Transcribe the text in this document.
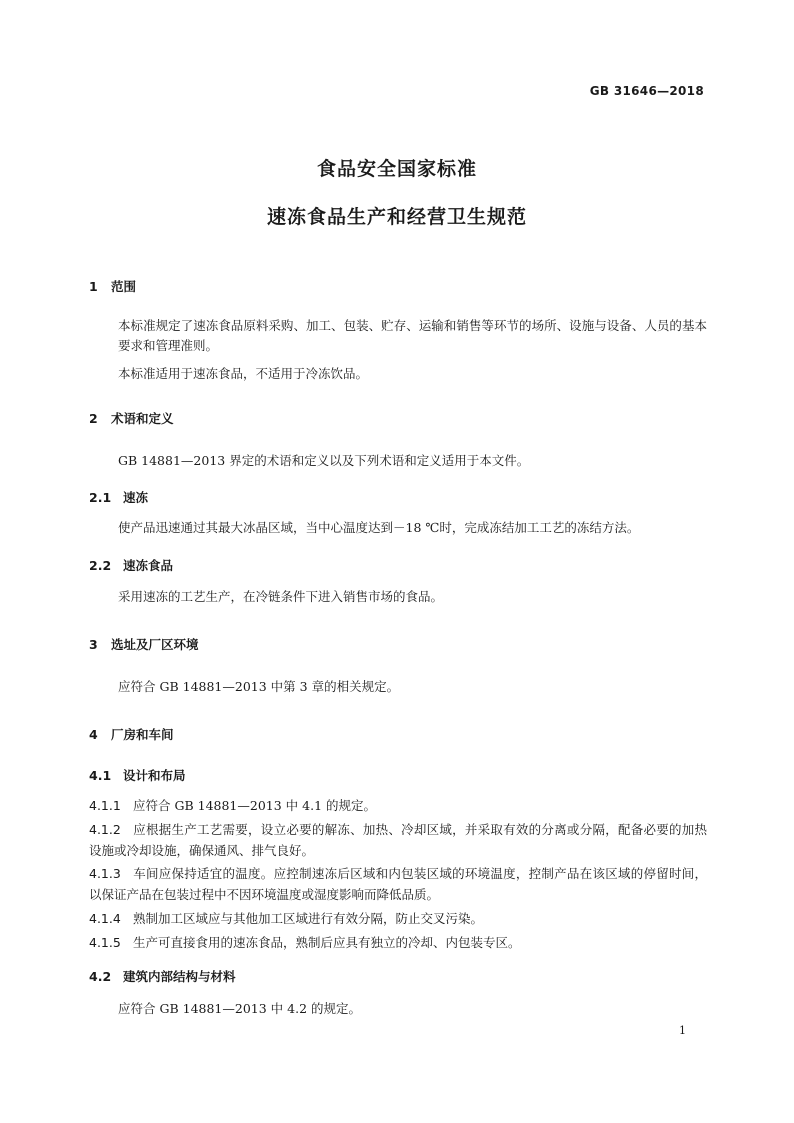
GB 31646—2018
食品安全国家标准
速冻食品生产和经营卫生规范
1 范围
本标准规定了速冻食品原料采购、加工、包装、贮存、运输和销售等环节的场所、设施与设备、人员的基本要求和管理准则。
本标准适用于速冻食品，不适用于冷冻饮品。
2 术语和定义
GB 14881—2013 界定的术语和定义以及下列术语和定义适用于本文件。
2.1 速冻
使产品迅速通过其最大冰晶区域，当中心温度达到－18 ℃时，完成冻结加工工艺的冻结方法。
2.2 速冻食品
采用速冻的工艺生产，在冷链条件下进入销售市场的食品。
3 选址及厂区环境
应符合 GB 14881—2013 中第 3 章的相关规定。
4 厂房和车间
4.1 设计和布局
4.1.1 应符合 GB 14881—2013 中 4.1 的规定。
4.1.2 应根据生产工艺需要，设立必要的解冻、加热、冷却区域，并采取有效的分离或分隔，配备必要的加热设施或冷却设施，确保通风、排气良好。
4.1.3 车间应保持适宜的温度。应控制速冻后区域和内包装区域的环境温度，控制产品在该区域的停留时间，以保证产品在包装过程中不因环境温度或湿度影响而降低品质。
4.1.4 熟制加工区域应与其他加工区域进行有效分隔，防止交叉污染。
4.1.5 生产可直接食用的速冻食品，熟制后应具有独立的冷却、内包装专区。
4.2 建筑内部结构与材料
应符合 GB 14881—2013 中 4.2 的规定。
1
